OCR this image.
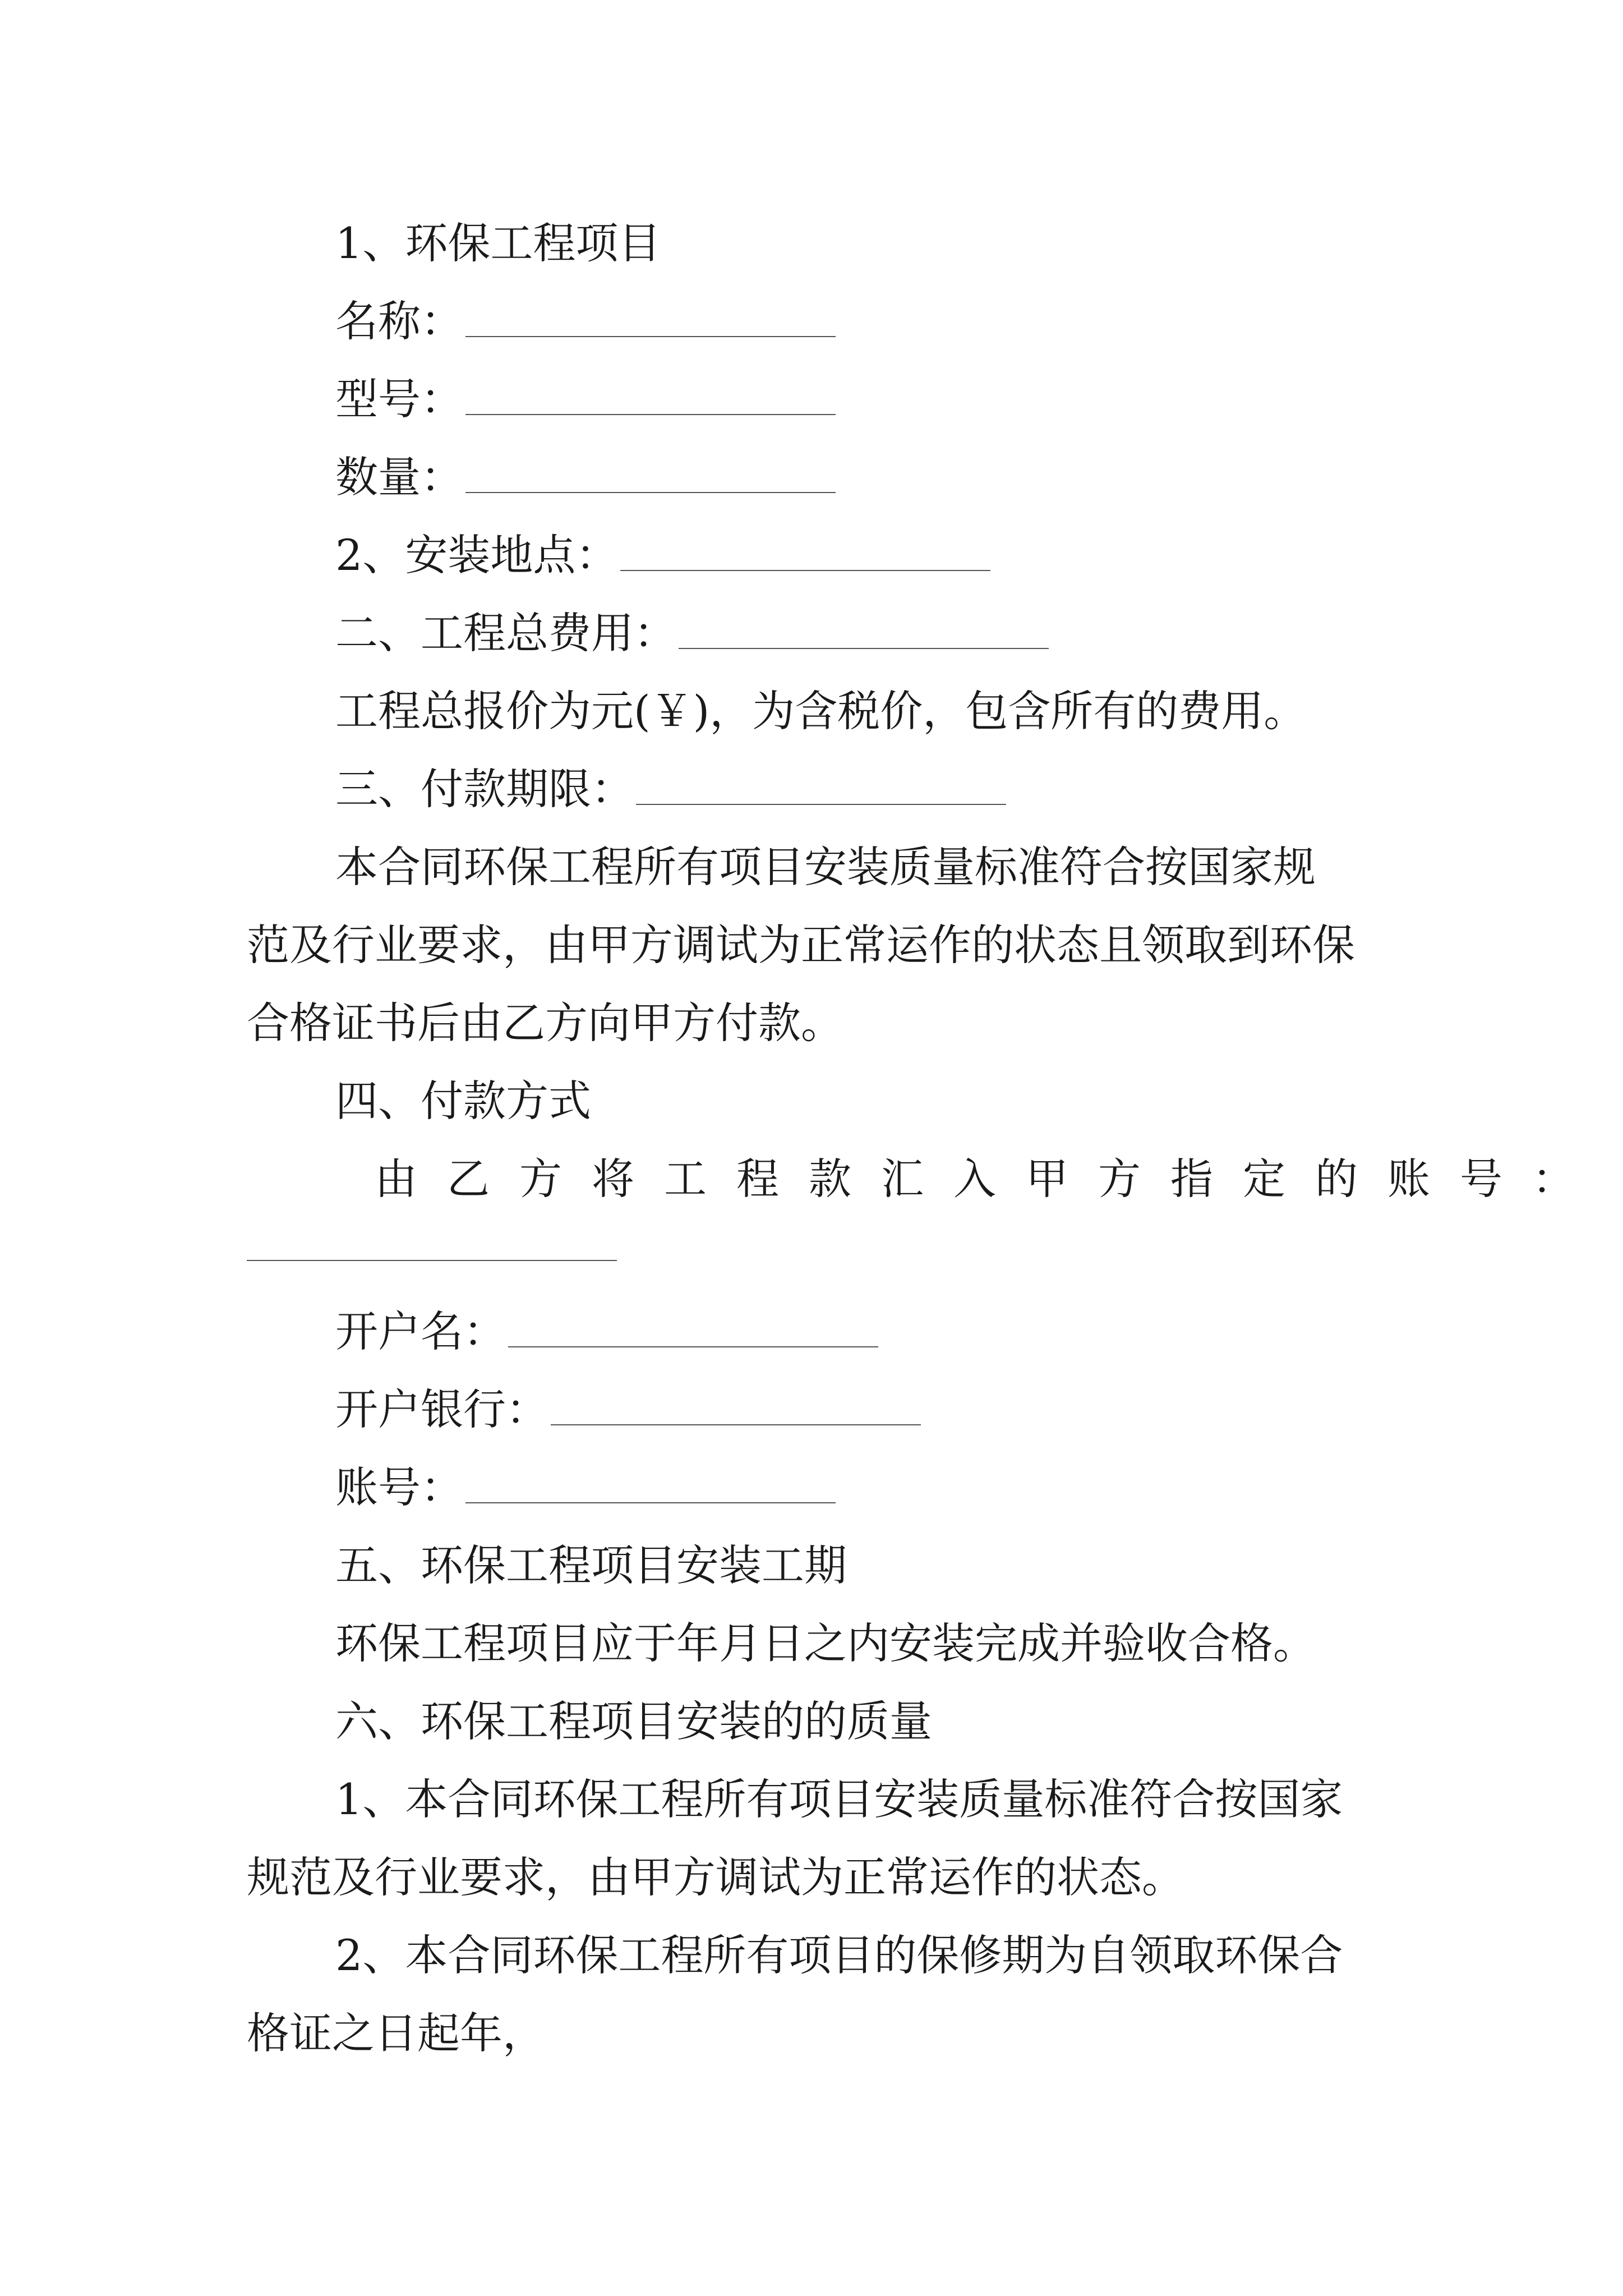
1、环保工程项目
名称：
型号：
数量：
2、安装地点：
二、工程总费用：
工程总报价为元(￥)，为含税价，包含所有的费用。
三、付款期限：
本合同环保工程所有项目安装质量标准符合按国家规
范及行业要求，由甲方调试为正常运作的状态且领取到环保
合格证书后由乙方向甲方付款。
四、付款方式
由乙方将工程款汇入甲方指定的账号：
开户名：
开户银行：
账号：
五、环保工程项目安装工期
环保工程项目应于年月日之内安装完成并验收合格。
六、环保工程项目安装的的质量
1、本合同环保工程所有项目安装质量标准符合按国家
规范及行业要求，由甲方调试为正常运作的状态。
2、本合同环保工程所有项目的保修期为自领取环保合
格证之日起年，
